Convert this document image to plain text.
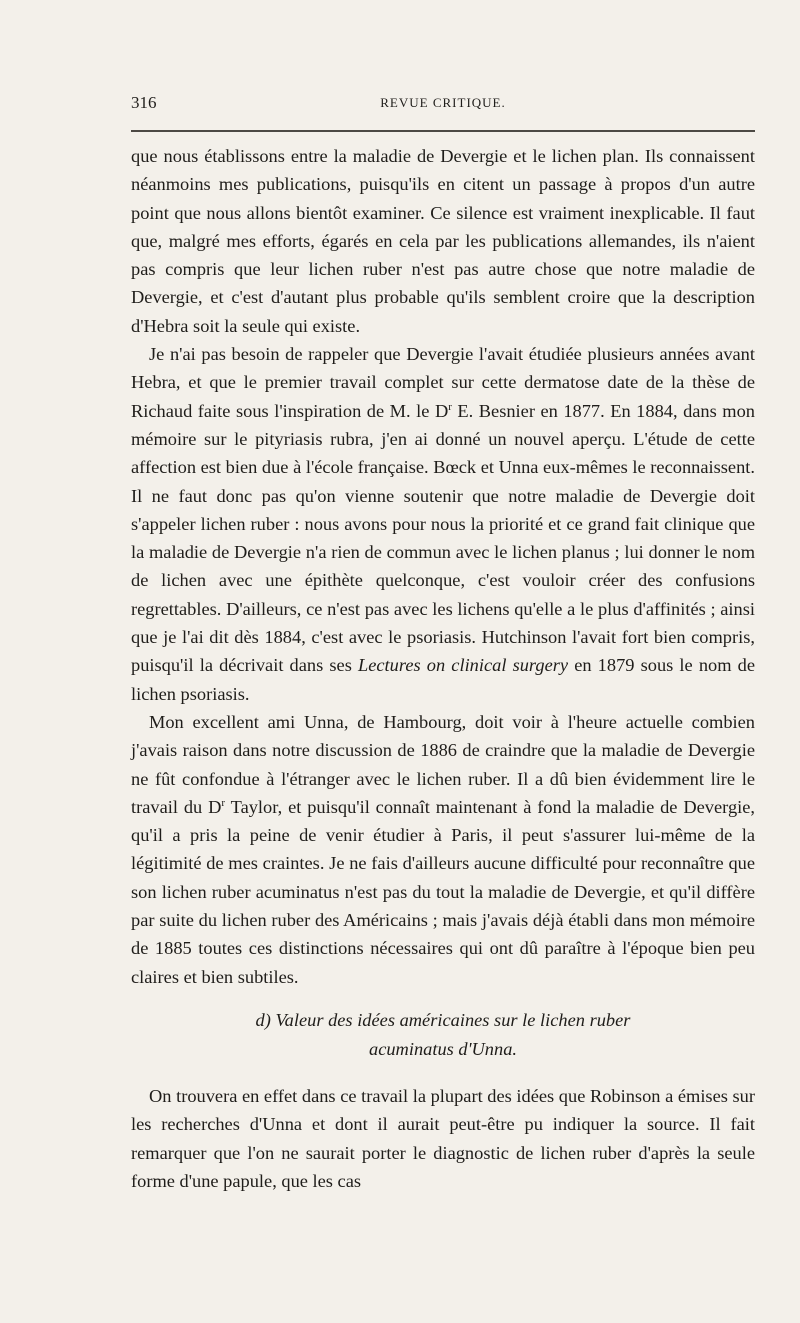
316	REVUE CRITIQUE.

que nous établissons entre la maladie de Devergie et le lichen plan. Ils connaissent néanmoins mes publications, puisqu'ils en citent un passage à propos d'un autre point que nous allons bientôt examiner. Ce silence est vraiment inexplicable. Il faut que, malgré mes efforts, égarés en cela par les publications allemandes, ils n'aient pas compris que leur lichen ruber n'est pas autre chose que notre maladie de Devergie, et c'est d'autant plus probable qu'ils semblent croire que la description d'Hebra soit la seule qui existe.

Je n'ai pas besoin de rappeler que Devergie l'avait étudiée plusieurs années avant Hebra, et que le premier travail complet sur cette dermatose date de la thèse de Richaud faite sous l'inspiration de M. le $D^r$ E. Besnier en 1877. En 1884, dans mon mémoire sur le pityriasis rubra, j'en ai donné un nouvel aperçu. L'étude de cette affection est bien due à l'école française. Bœck et Unna eux-mêmes le reconnaissent. Il ne faut donc pas qu'on vienne soutenir que notre maladie de Devergie doit s'appeler lichen ruber : nous avons pour nous la priorité et ce grand fait clinique que la maladie de Devergie n'a rien de commun avec le lichen planus ; lui donner le nom de lichen avec une épithète quelconque, c'est vouloir créer des confusions regrettables. D'ailleurs, ce n'est pas avec les lichens qu'elle a le plus d'affinités ; ainsi que je l'ai dit dès 1884, c'est avec le psoriasis. Hutchinson l'avait fort bien compris, puisqu'il la décrivait dans ses Lectures on clinical surgery en 1879 sous le nom de lichen psoriasis.

Mon excellent ami Unna, de Hambourg, doit voir à l'heure actuelle combien j'avais raison dans notre discussion de 1886 de craindre que la maladie de Devergie ne fût confondue à l'étranger avec le lichen ruber. Il a dû bien évidemment lire le travail du $D^r$ Taylor, et puisqu'il connaît maintenant à fond la maladie de Devergie, qu'il a pris la peine de venir étudier à Paris, il peut s'assurer lui-même de la légitimité de mes craintes. Je ne fais d'ailleurs aucune difficulté pour reconnaître que son lichen ruber acuminatus n'est pas du tout la maladie de Devergie, et qu'il diffère par suite du lichen ruber des Américains ; mais j'avais déjà établi dans mon mémoire de 1885 toutes ces distinctions nécessaires qui ont dû paraître à l'époque bien peu claires et bien subtiles.

d) Valeur des idées américaines sur le lichen ruber
acuminatus d'Unna.

On trouvera en effet dans ce travail la plupart des idées que Robinson a émises sur les recherches d'Unna et dont il aurait peut-être pu indiquer la source. Il fait remarquer que l'on ne saurait porter le diagnostic de lichen ruber d'après la seule forme d'une papule, que les cas
